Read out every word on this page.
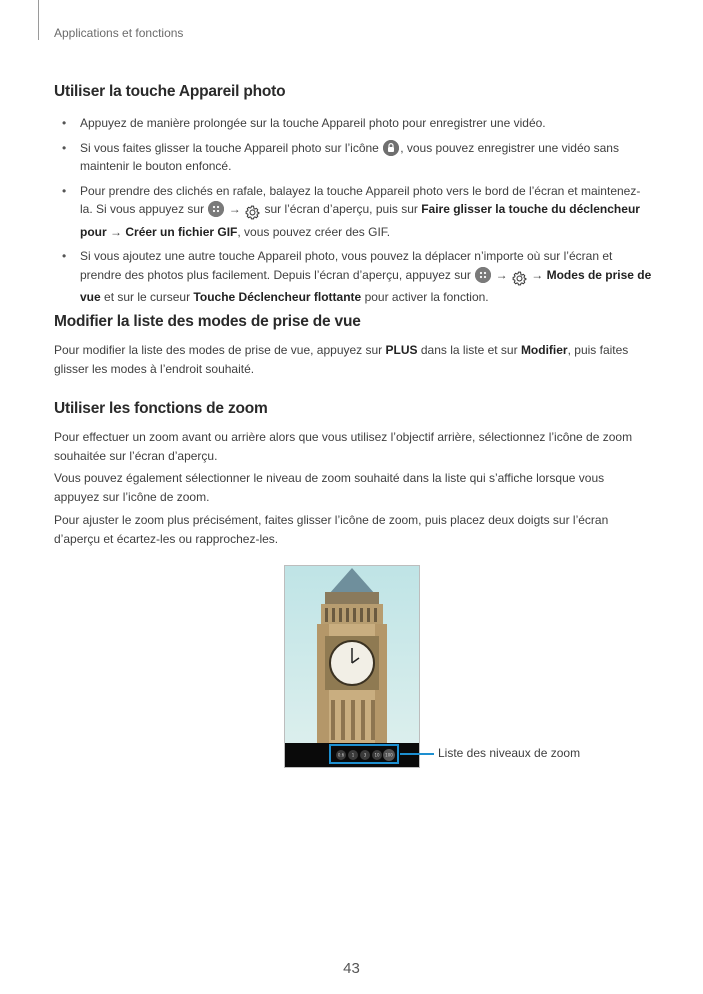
Applications et fonctions
Utiliser la touche Appareil photo
• Appuyez de manière prolongée sur la touche Appareil photo pour enregistrer une vidéo.
• Si vous faites glisser la touche Appareil photo sur l’icône , vous pouvez enregistrer une vidéo sans maintenir le bouton enfoncé.
• Pour prendre des clichés en rafale, balayez la touche Appareil photo vers le bord de l’écran et maintenez-la. Si vous appuyez sur → sur l’écran d’aperçu, puis sur Faire glisser la touche du déclencheur pour → Créer un fichier GIF, vous pouvez créer des GIF.
• Si vous ajoutez une autre touche Appareil photo, vous pouvez la déplacer n’importe où sur l’écran et prendre des photos plus facilement. Depuis l’écran d’aperçu, appuyez sur → → Modes de prise de vue et sur le curseur Touche Déclencheur flottante pour activer la fonction.
Modifier la liste des modes de prise de vue

Pour modifier la liste des modes de prise de vue, appuyez sur PLUS dans la liste et sur Modifier, puis faites glisser les modes à l’endroit souhaité.

Utiliser les fonctions de zoom

Pour effectuer un zoom avant ou arrière alors que vous utilisez l’objectif arrière, sélectionnez l’icône de zoom souhaitée sur l’écran d’aperçu.

Vous pouvez également sélectionner le niveau de zoom souhaité dans la liste qui s’affiche lorsque vous appuyez sur l’icône de zoom.

Pour ajuster le zoom plus précisément, faites glisser l’icône de zoom, puis placez deux doigts sur l’écran d’aperçu et écartez-les ou rapprochez-les.

0.6 1 3 10 100	Liste des niveaux de zoom
43
